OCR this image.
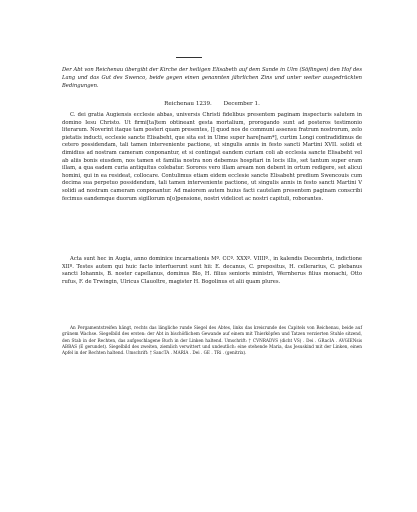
Der Abt von Reichenau übergibt der Kirche der heiligen Elisabeth auf dem Sande in Ulm (Söflingen) den Hof des Lang und das Gut des Swenco, beide gegen einen genannten jährlichen Zins und unter weiter ausgedrückten Bedingungen.

Reichenau 1239. December 1.

C. dei gratia Augiensis ecclesie abbas, universis Christi fidelibus presentem paginam inspecturis salutem in domino Iesu Christo. Ut firmi[ta]tem obtineant gesta mortalium, prorogando sunt ad posteros testimonio literarum. Noverint itaque tam posteri quam presentes, [] quod nos de communi assensu fratrum nostrorum, zelo pietatis inducti, ecclesie sancte Elisabeht, que sita est in Ulme super hare[nam*], curtim Longi contradidimus de cetero possidendam, tali tamen interveniente pactione, ut singulis annis in festo sancti Martini XVII. solidi et dimidius ad nostram cameram conponantur, et si contingat eandem curiam coli ab ecclesia sancte Elisabeht vel ab aliis bonis eiusdem, nos tamen et familia nostra non debemus hospitari in locis illis, set tantum super eram illam, a qua eadem curia antiquitus colebatur. Sorores vero illam aream non debent in ortum redigere, set alicui homini, qui in ea resideat, collocare. Contulimus etiam eidem ecclesie sancte Elisabeht predium Swencouis cum decima sua perpetuo possidendum, tali tamen interveniente pactione, ut singulis annis in festo sancti Martini V solidi ad nostram cameram conponantur. Ad maiorem autem huius facti cautelam presentem paginam conscribi fecimus eandemque duorum sigillorum n[o]pensione, nostri videlicet ac nostri capituli, roborantes.

Acta sunt hec in Augia, anno dominice incarnationis Mº. CCº. XXXº. VIIIIº., in kalendis Decembris, indictione XIIº. Testes autem qui huic facto interfuerunt sunt hii: E. decanus, C. prepositus, H. cellerarius, C. plebanus sancti Iohannis, B. noster capellanus, dominus Blo, H. filius senioris ministri, Wernherus filius monachi, Otto rufus, F. de Trwingin, Ulricus Clauoltre, magister H. Bogolinus et alii quam plures.

An Pergamentstreifen hängt, rechts das längliche runde Siegel des Abtes, links das kreisrunde des Capitels von Reichenau, beide auf grünem Wachse. Siegelbild des ersten: der Abt in bischöflichem Gewande auf einem mit Thierköpfen und Tatzen verzierten Stuhle sitzend, den Stab in der Rechten, das aufgeschlagene Buch in der Linken haltend. Umschrift: † CVNRADVS (dicht VS) . Dei . GRacIA . AVGIENsis ABBAS (E gerundet). Siegelbild des zweiten, ziemlich verwittert und undeutlich: eine stehende Maria, das Jesuskind mit der Linken, einen Apfel in der Rechten haltend. Umschrift: † SancTA . MARIA . Dei . GE . TRi . (genitrix).
